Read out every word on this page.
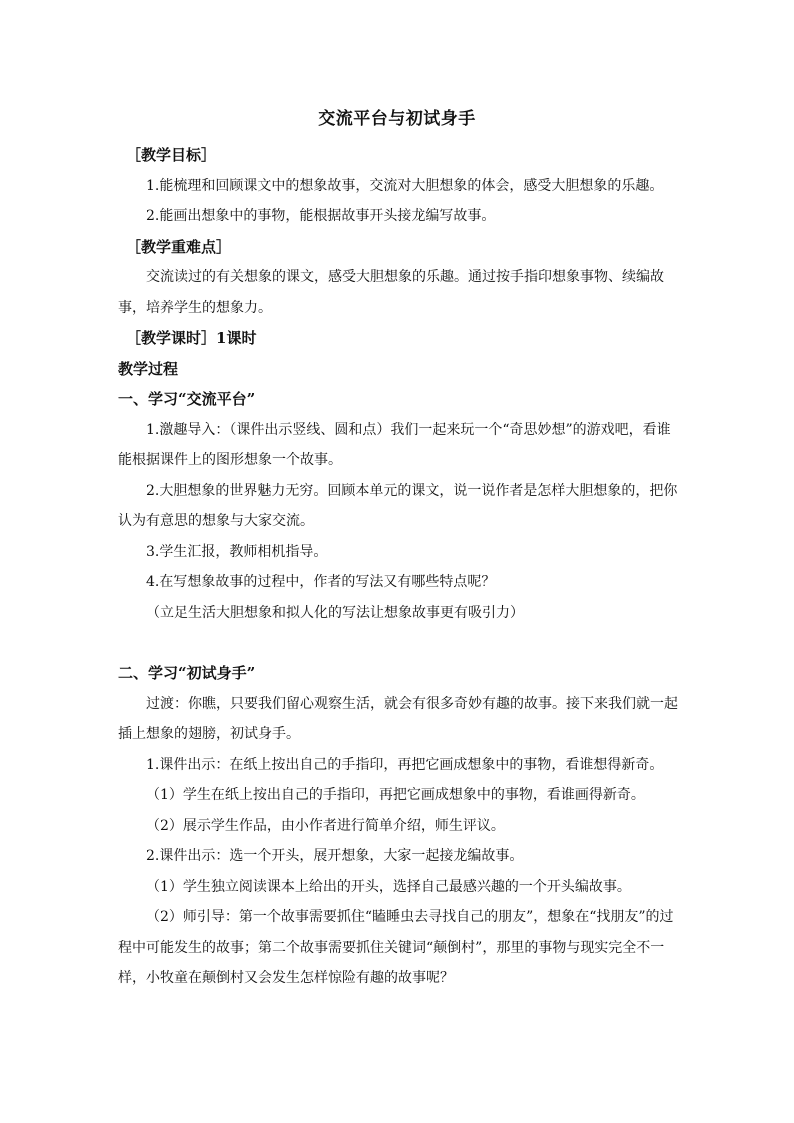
交流平台与初试身手

［教学目标］

1.能梳理和回顾课文中的想象故事，交流对大胆想象的体会，感受大胆想象的乐趣。

2.能画出想象中的事物，能根据故事开头接龙编写故事。

［教学重难点］

交流读过的有关想象的课文，感受大胆想象的乐趣。通过按手指印想象事物、续编故事，培养学生的想象力。

［教学课时］1课时

教学过程

一、学习“交流平台”

1.激趣导入：（课件出示竖线、圆和点）我们一起来玩一个“奇思妙想”的游戏吧，看谁能根据课件上的图形想象一个故事。

2.大胆想象的世界魅力无穷。回顾本单元的课文，说一说作者是怎样大胆想象的，把你认为有意思的想象与大家交流。

3.学生汇报，教师相机指导。

4.在写想象故事的过程中，作者的写法又有哪些特点呢？

（立足生活大胆想象和拟人化的写法让想象故事更有吸引力）

二、学习“初试身手”

过渡：你瞧，只要我们留心观察生活，就会有很多奇妙有趣的故事。接下来我们就一起插上想象的翅膀，初试身手。

1.课件出示：在纸上按出自己的手指印，再把它画成想象中的事物，看谁想得新奇。

（1）学生在纸上按出自己的手指印，再把它画成想象中的事物，看谁画得新奇。

（2）展示学生作品，由小作者进行简单介绍，师生评议。

2.课件出示：选一个开头，展开想象，大家一起接龙编故事。

（1）学生独立阅读课本上给出的开头，选择自己最感兴趣的一个开头编故事。

（2）师引导：第一个故事需要抓住“瞌睡虫去寻找自己的朋友”，想象在“找朋友”的过程中可能发生的故事；第二个故事需要抓住关键词“颠倒村”，那里的事物与现实完全不一样，小牧童在颠倒村又会发生怎样惊险有趣的故事呢？
